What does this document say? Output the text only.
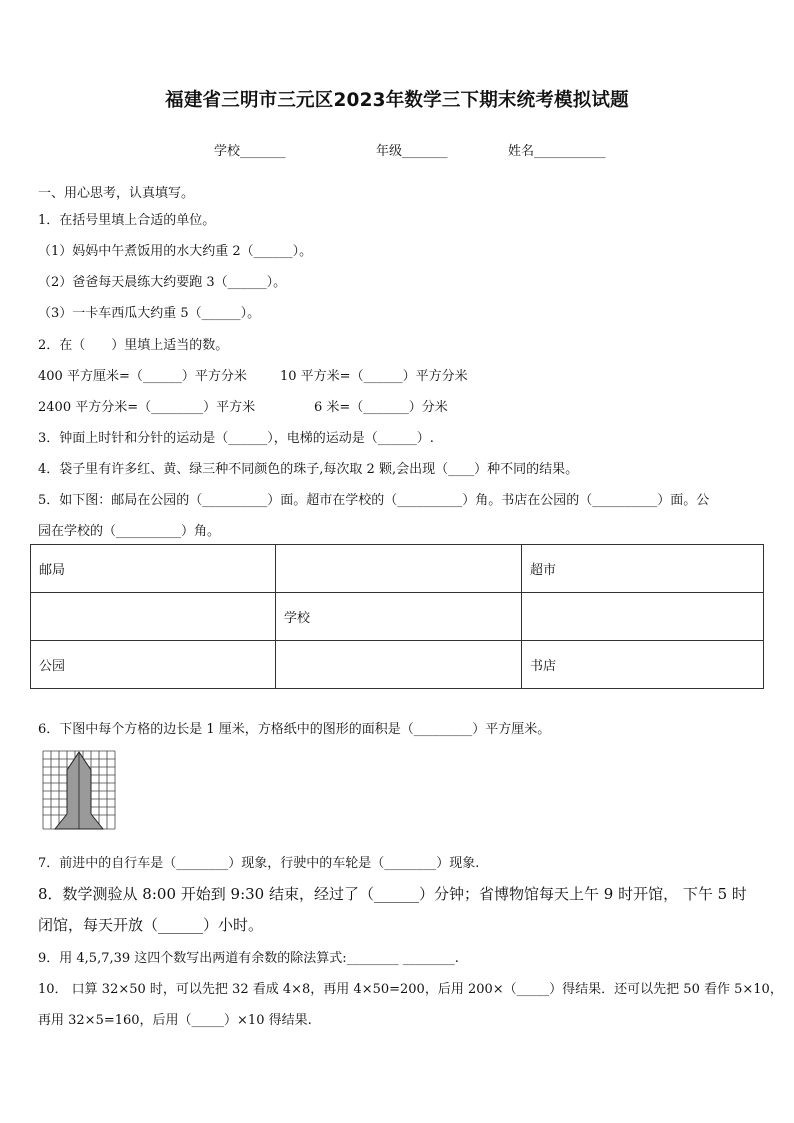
福建省三明市三元区2023年数学三下期末统考模拟试题
学校_______	年级_______	姓名___________
一、用心思考，认真填写。
1．在括号里填上合适的单位。
（1）妈妈中午煮饭用的水大约重 2（______）。
（2）爸爸每天晨练大约要跑 3（______）。
（3）一卡车西瓜大约重 5（______）。
2．在（　　）里填上适当的数。
400 平方厘米=（______）平方分米	10 平方米=（______）平方分米
2400 平方分米=（________）平方米	6 米=（_______）分米
3．钟面上时针和分针的运动是（______），电梯的运动是（______）.
4．袋子里有许多红、黄、绿三种不同颜色的珠子,每次取 2 颗,会出现（____）种不同的结果。
5．如下图：邮局在公园的（__________）面。超市在学校的（__________）角。书店在公园的（__________）面。公
园在学校的（__________）角。
邮局		超市
	学校	
公园		书店
6．下图中每个方格的边长是 1 厘米，方格纸中的图形的面积是（_________）平方厘米。
7．前进中的自行车是（________）现象，行驶中的车轮是（________）现象.
8．数学测验从 8:00 开始到 9:30 结束，经过了（______）分钟；省博物馆每天上午 9 时开馆， 下午 5 时
闭馆，每天开放（______）小时。
9．用 4,5,7,39 这四个数写出两道有余数的除法算式:________ ________.
10． 口算 32×50 时，可以先把 32 看成 4×8，再用 4×50=200，后用 200×（_____）得结果．还可以先把 50 看作 5×10，
再用 32×5=160，后用（_____）×10 得结果.
